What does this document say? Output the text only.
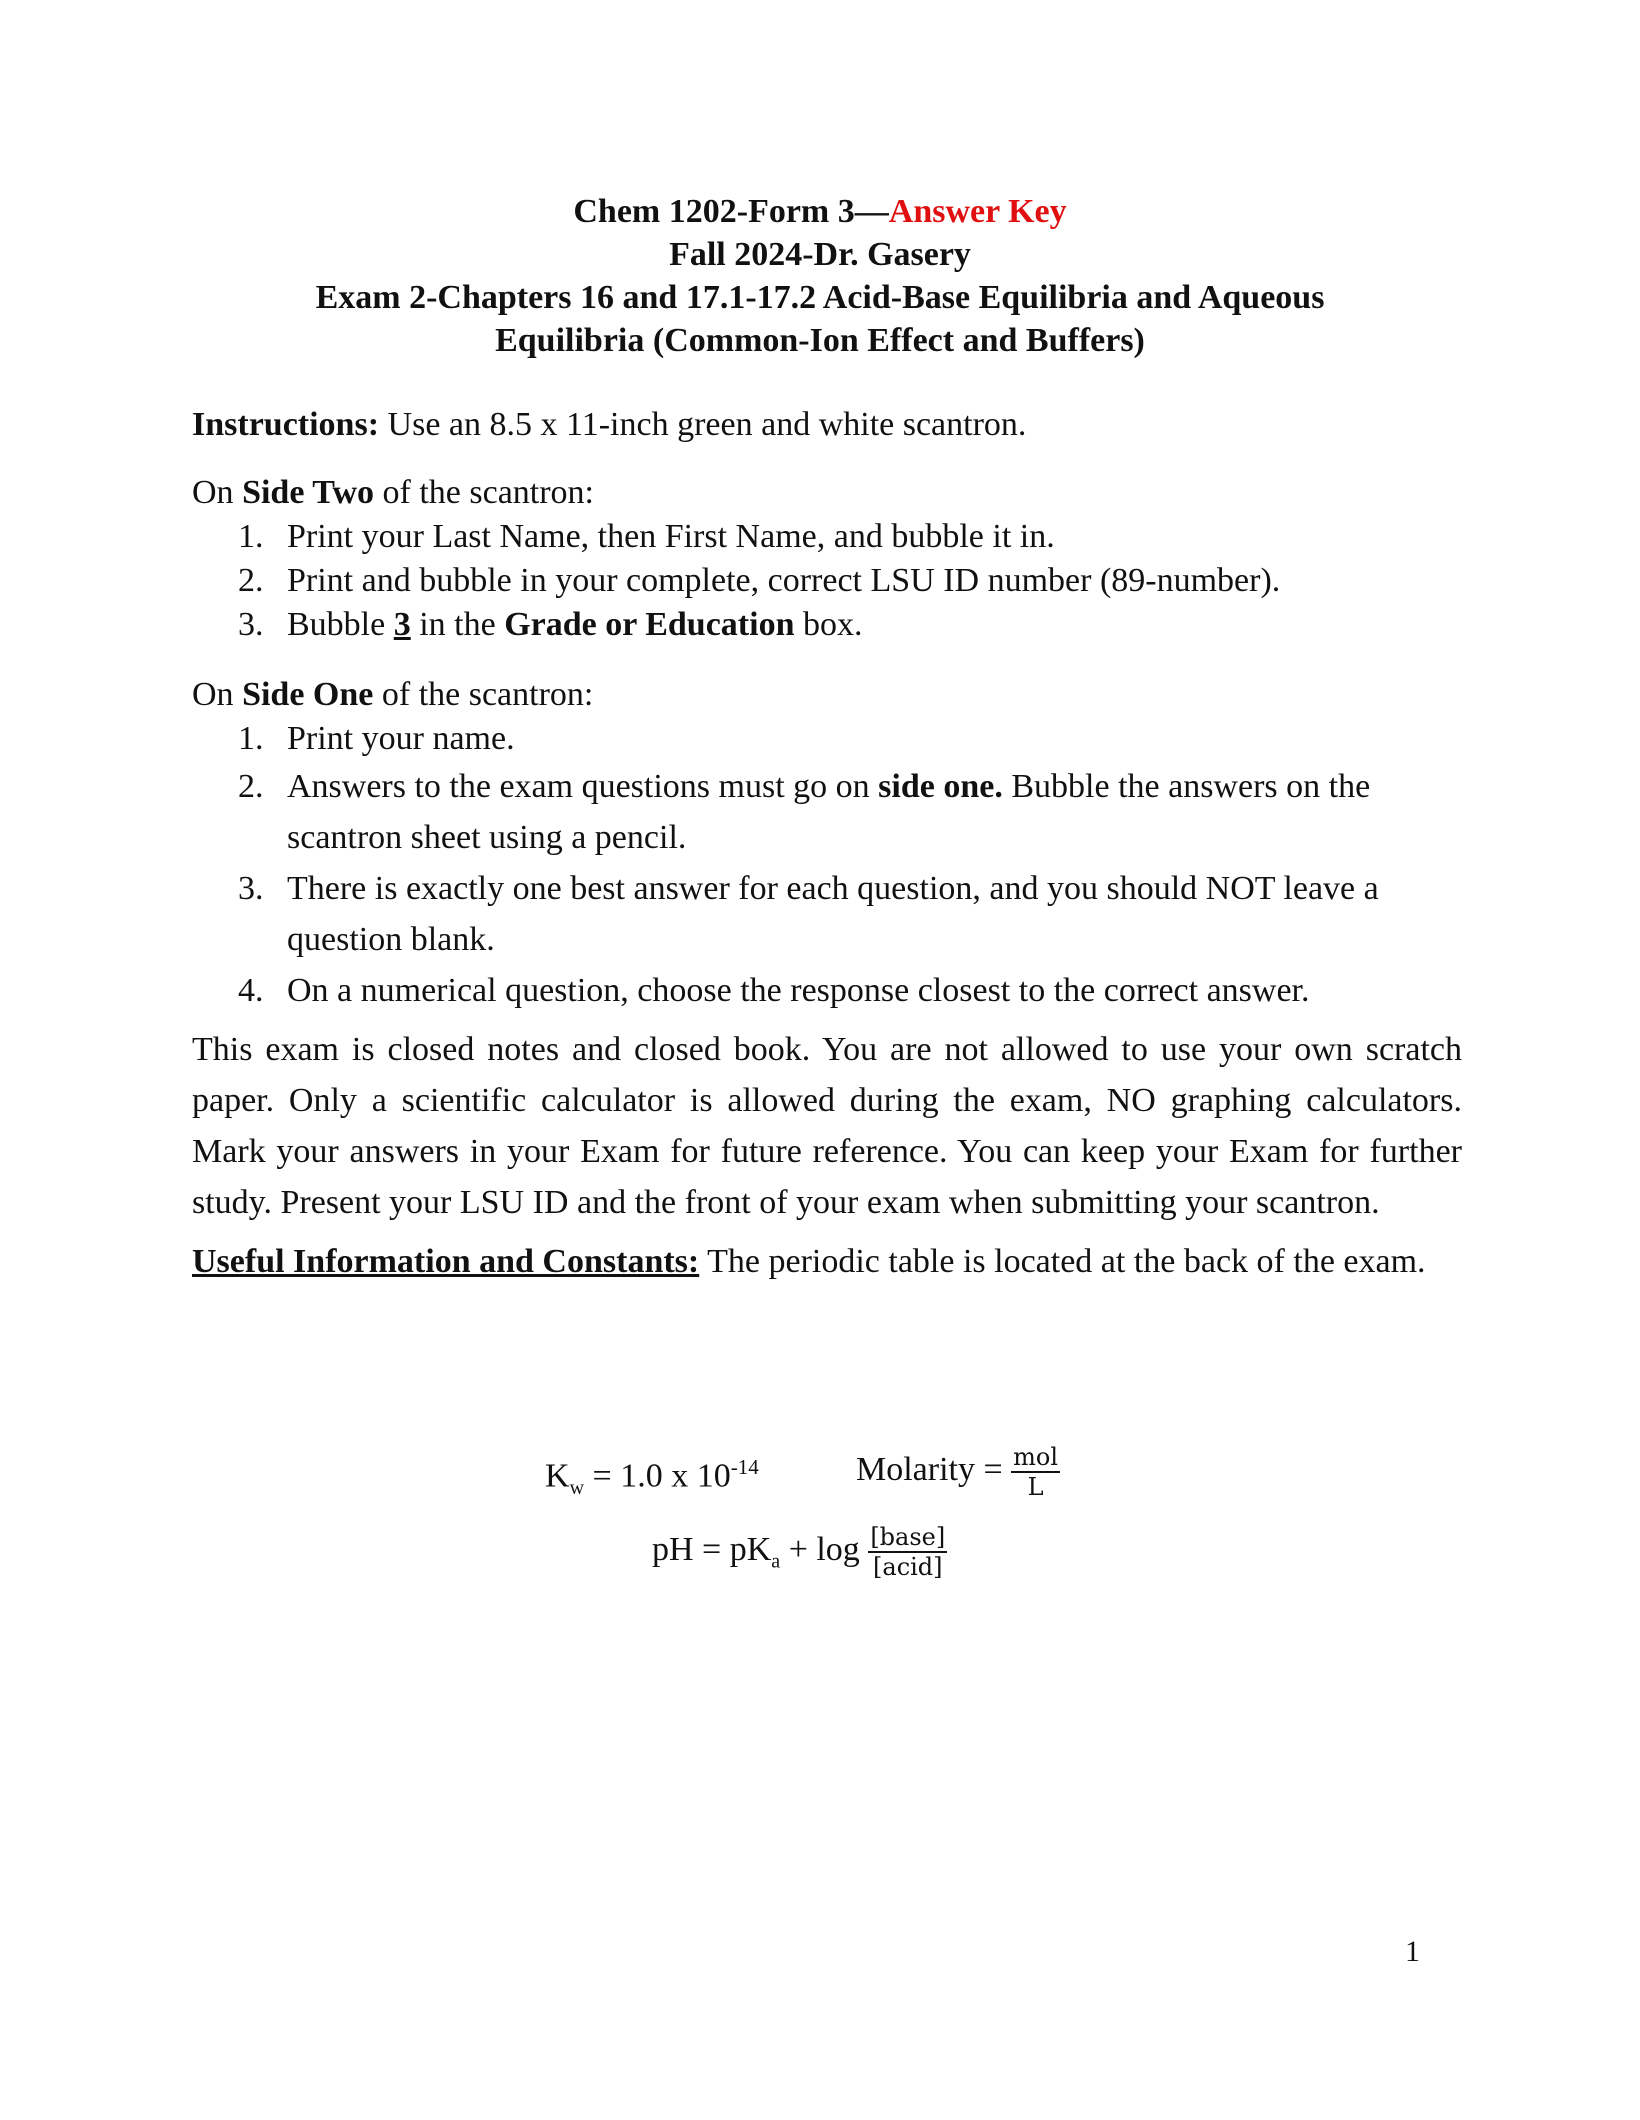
Chem 1202-Form 3—Answer Key
Fall 2024-Dr. Gasery
Exam 2-Chapters 16 and 17.1-17.2 Acid-Base Equilibria and Aqueous
Equilibria (Common-Ion Effect and Buffers)

Instructions: Use an 8.5 x 11-inch green and white scantron.

On Side Two of the scantron:

1. Print your Last Name, then First Name, and bubble it in.
2. Print and bubble in your complete, correct LSU ID number (89-number).
3. Bubble 3 in the Grade or Education box.

On Side One of the scantron:

1. Print your name.
2. Answers to the exam questions must go on side one. Bubble the answers on the scantron sheet using a pencil.
3. There is exactly one best answer for each question, and you should NOT leave a question blank.
4. On a numerical question, choose the response closest to the correct answer.

This exam is closed notes and closed book. You are not allowed to use your own scratch paper. Only a scientific calculator is allowed during the exam, NO graphing calculators. Mark your answers in your Exam for future reference. You can keep your Exam for further study. Present your LSU ID and the front of your exam when submitting your scantron.

Useful Information and Constants: The periodic table is located at the back of the exam.

$K_w = 1.0$ x $10^{-14}$	Molarity = $\frac{\text{mol}}{L}$
pH = $pK_a + \log \frac{\text{[base]}}{\text{[acid]}}$
1
